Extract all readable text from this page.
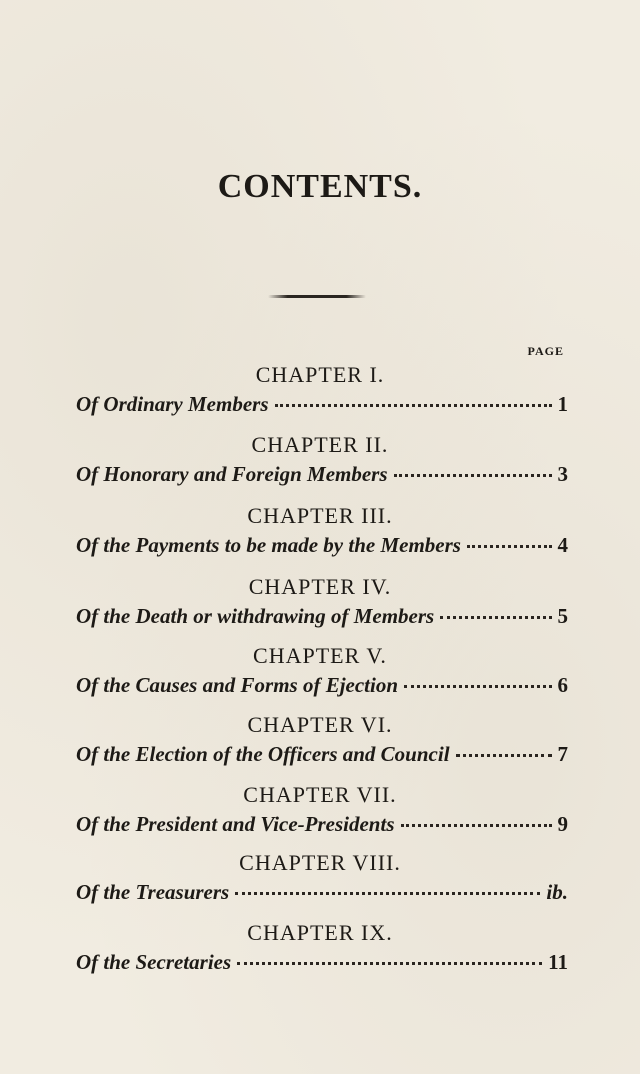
CONTENTS.
PAGE
CHAPTER I.
Of Ordinary Members	1
CHAPTER II.
Of Honorary and Foreign Members	3
CHAPTER III.
Of the Payments to be made by the Members	4
CHAPTER IV.
Of the Death or withdrawing of Members	5
CHAPTER V.
Of the Causes and Forms of Ejection	6
CHAPTER VI.
Of the Election of the Officers and Council	7
CHAPTER VII.
Of the President and Vice-Presidents	9
CHAPTER VIII.
Of the Treasurers	ib.
CHAPTER IX.
Of the Secretaries	11
